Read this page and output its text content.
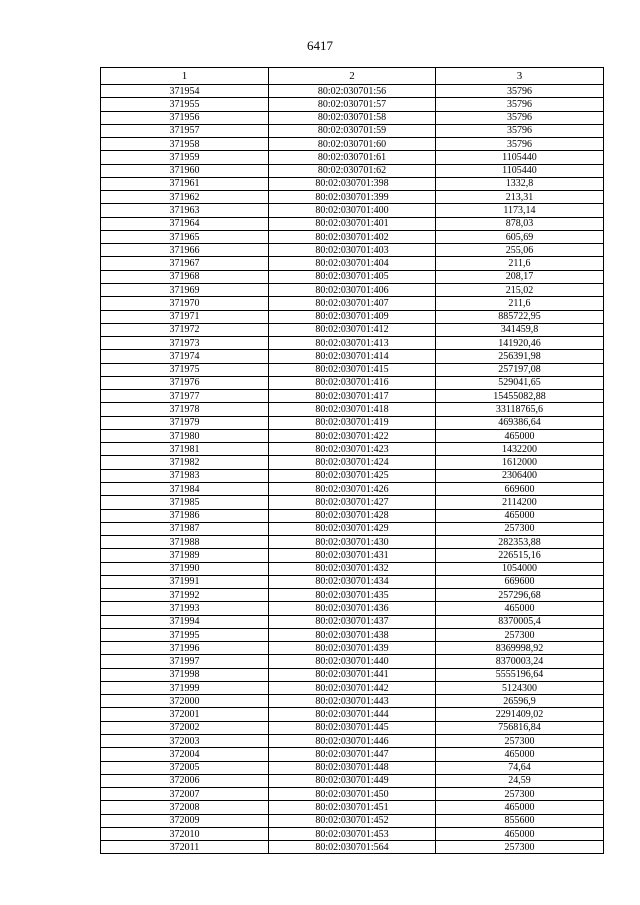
6417
1	2	3
371954	80:02:030701:56	35796
371955	80:02:030701:57	35796
371956	80:02:030701:58	35796
371957	80:02:030701:59	35796
371958	80:02:030701:60	35796
371959	80:02:030701:61	1105440
371960	80:02:030701:62	1105440
371961	80:02:030701:398	1332,8
371962	80:02:030701:399	213,31
371963	80:02:030701:400	1173,14
371964	80:02:030701:401	878,03
371965	80:02:030701:402	605,69
371966	80:02:030701:403	255,06
371967	80:02:030701:404	211,6
371968	80:02:030701:405	208,17
371969	80:02:030701:406	215,02
371970	80:02:030701:407	211,6
371971	80:02:030701:409	885722,95
371972	80:02:030701:412	341459,8
371973	80:02:030701:413	141920,46
371974	80:02:030701:414	256391,98
371975	80:02:030701:415	257197,08
371976	80:02:030701:416	529041,65
371977	80:02:030701:417	15455082,88
371978	80:02:030701:418	33118765,6
371979	80:02:030701:419	469386,64
371980	80:02:030701:422	465000
371981	80:02:030701:423	1432200
371982	80:02:030701:424	1612000
371983	80:02:030701:425	2306400
371984	80:02:030701:426	669600
371985	80:02:030701:427	2114200
371986	80:02:030701:428	465000
371987	80:02:030701:429	257300
371988	80:02:030701:430	282353,88
371989	80:02:030701:431	226515,16
371990	80:02:030701:432	1054000
371991	80:02:030701:434	669600
371992	80:02:030701:435	257296,68
371993	80:02:030701:436	465000
371994	80:02:030701:437	8370005,4
371995	80:02:030701:438	257300
371996	80:02:030701:439	8369998,92
371997	80:02:030701:440	8370003,24
371998	80:02:030701:441	5555196,64
371999	80:02:030701:442	5124300
372000	80:02:030701:443	26596,9
372001	80:02:030701:444	2291409,02
372002	80:02:030701:445	756816,84
372003	80:02:030701:446	257300
372004	80:02:030701:447	465000
372005	80:02:030701:448	74,64
372006	80:02:030701:449	24,59
372007	80:02:030701:450	257300
372008	80:02:030701:451	465000
372009	80:02:030701:452	855600
372010	80:02:030701:453	465000
372011	80:02:030701:564	257300
